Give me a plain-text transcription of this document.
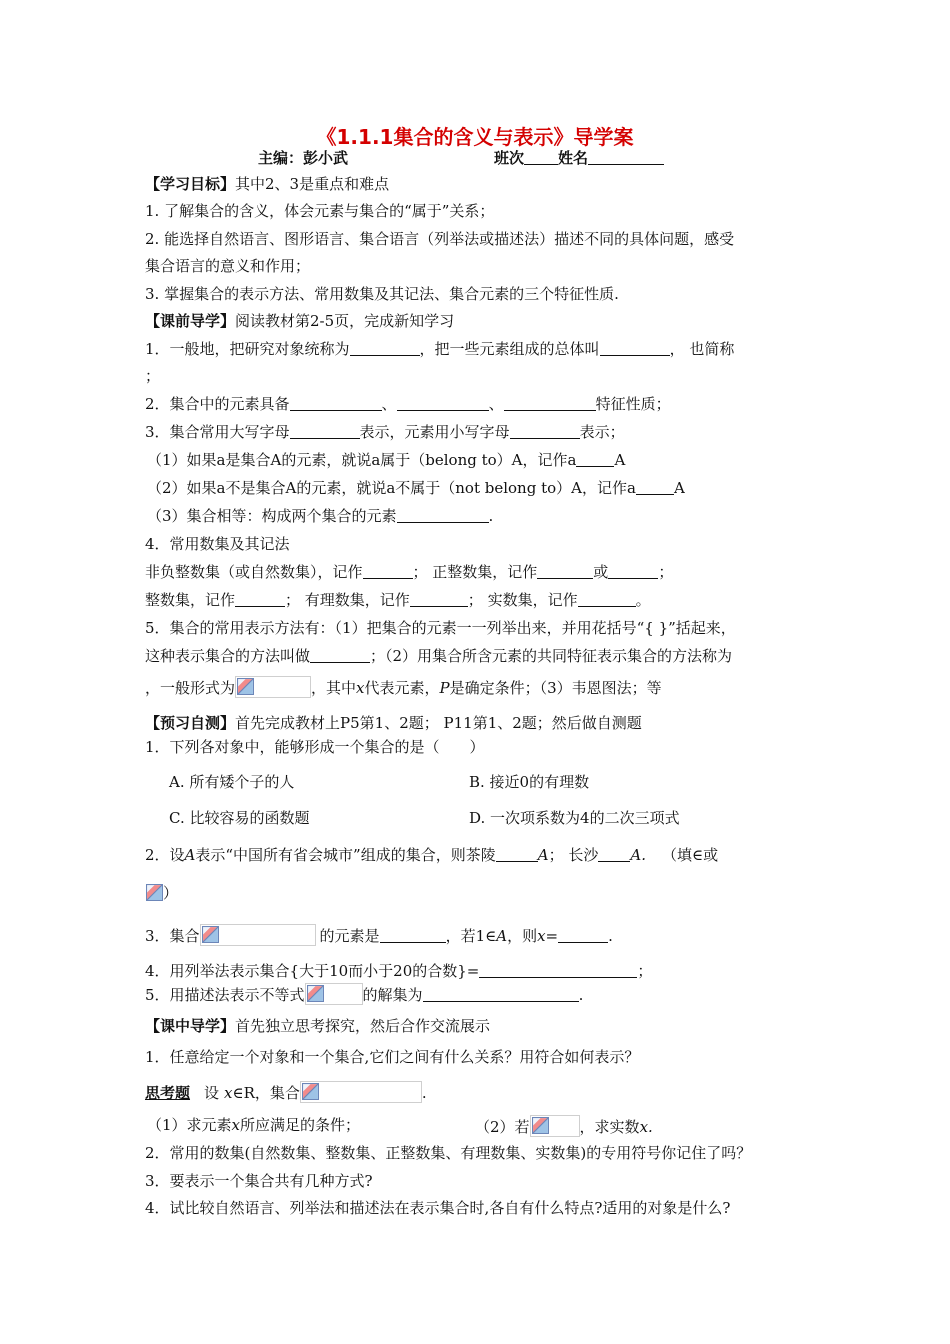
《1.1.1集合的含义与表示》导学案
主编：彭小武	班次 姓名
【学习目标】其中2、3是重点和难点
1. 了解集合的含义，体会元素与集合的“属于”关系；
2. 能选择自然语言、图形语言、集合语言（列举法或描述法）描述不同的具体问题，感受
集合语言的意义和作用；
3. 掌握集合的表示方法、常用数集及其记法、集合元素的三个特征性质.
【课前导学】阅读教材第2-5页，完成新知学习
1．一般地，把研究对象统称为	，把一些元素组成的总体叫	， 也简称
；
2．集合中的元素具备	、	、	特征性质；
3．集合常用大写字母	表示，元素用小写字母	表示；
（1）如果a是集合A的元素，就说a属于（belong to）A，记作a	A
（2）如果a不是集合A的元素，就说a不属于（not belong to）A，记作a	A
（3）集合相等：构成两个集合的元素	.
4．常用数集及其记法
非负整数集（或自然数集），记作	； 正整数集，记作	或	；
整数集，记作	； 有理数集，记作	； 实数集，记作	。
5．集合的常用表示方法有：（1）把集合的元素一一列举出来，并用花括号“{ }”括起来，
这种表示集合的方法叫做	；（2）用集合所含元素的共同特征表示集合的方法称为
，一般形式为	，其中x代表元素，P是确定条件；（3）韦恩图法；等
【预习自测】首先完成教材上P5第1、2题； P11第1、2题；然后做自测题
1．下列各对象中，能够形成一个集合的是（　　）
A. 所有矮个子的人	B. 接近0的有理数
C. 比较容易的函数题	D. 一次项系数为4的二次三项式
2．设A表示“中国所有省会城市”组成的集合，则茶陵	A； 长沙 A. （填∈或
）
3．集合	的元素是	，若1∈A，则x=	.
4．用列举法表示集合{大于10而小于20的合数}=	；
5．用描述法表示不等式	的解集为	.
【课中导学】首先独立思考探究，然后合作交流展示
1．任意给定一个对象和一个集合,它们之间有什么关系？用符合如何表示？
思考题 设 x∈R，集合	.
（1）求元素x所应满足的条件；	（2）若	，求实数x.
2．常用的数集(自然数集、整数集、正整数集、有理数集、实数集)的专用符号你记住了吗？
3．要表示一个集合共有几种方式?
4．试比较自然语言、列举法和描述法在表示集合时,各自有什么特点?适用的对象是什么?
